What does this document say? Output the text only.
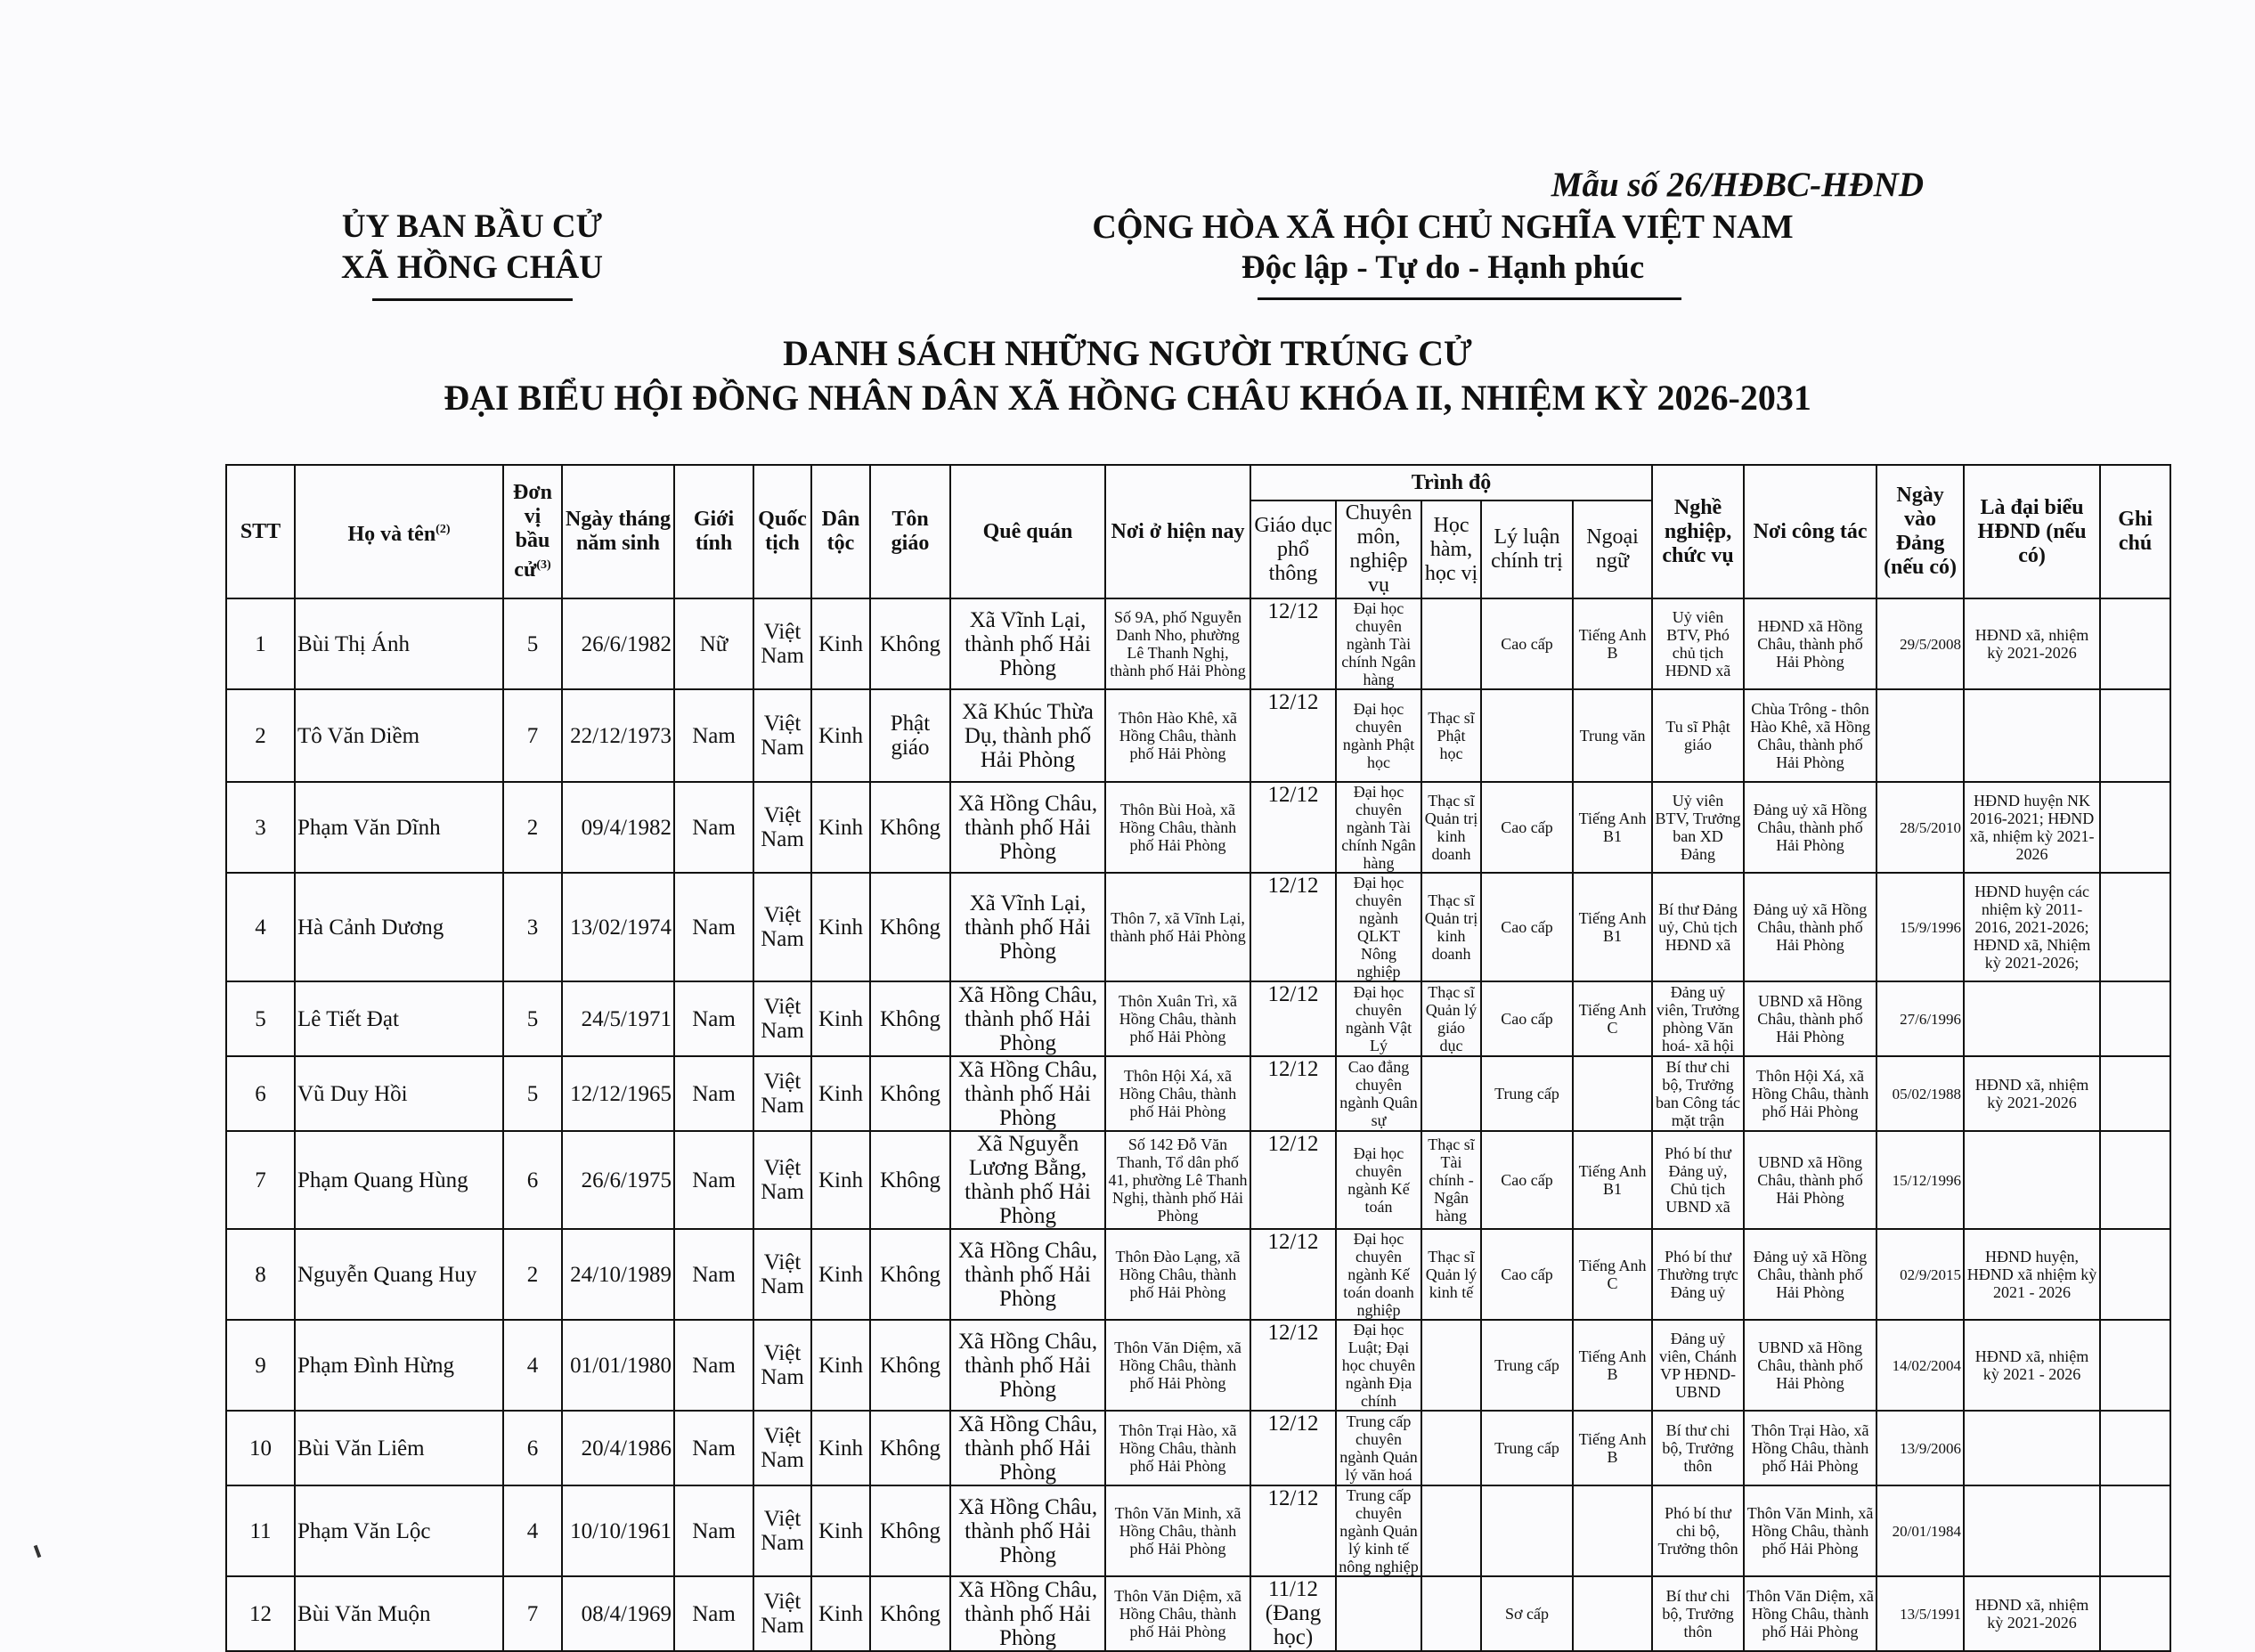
Mẫu số 26/HĐBC-HĐND
ỦY BAN BẦU CỬ
XÃ HỒNG CHÂU
CỘNG HÒA XÃ HỘI CHỦ NGHĨA VIỆT NAM
Độc lập - Tự do - Hạnh phúc
DANH SÁCH NHỮNG NGƯỜI TRÚNG CỬ
ĐẠI BIỂU HỘI ĐỒNG NHÂN DÂN XÃ HỒNG CHÂU KHÓA II, NHIỆM KỲ 2026-2031
STT	Họ và tên$^{(2)}$	Đơn vị bầu cử$^{(3)}$	Ngày tháng năm sinh	Giới tính	Quốc tịch	Dân tộc	Tôn giáo	Quê quán	Nơi ở hiện nay	Trình độ					Nghề nghiệp, chức vụ	Nơi công tác	Ngày vào Đảng (nếu có)	Là đại biểu HĐND (nếu có)	Ghi chú
										Giáo dục phổ thông	Chuyên môn, nghiệp vụ	Học hàm, học vị	Lý luận chính trị	Ngoại ngữ					
1	Bùi Thị Ánh	5	26/6/1982	Nữ	Việt Nam	Kinh	Không	Xã Vĩnh Lại, thành phố Hải Phòng	Số 9A, phố Nguyễn Danh Nho, phường Lê Thanh Nghị, thành phố Hải Phòng	12/12	Đại học chuyên ngành Tài chính Ngân hàng		Cao cấp	Tiếng Anh B	Uỷ viên BTV, Phó chủ tịch HĐND xã	HĐND xã Hồng Châu, thành phố Hải Phòng	29/5/2008	HĐND xã, nhiệm kỳ 2021-2026	
2	Tô Văn Diềm	7	22/12/1973	Nam	Việt Nam	Kinh	Phật giáo	Xã Khúc Thừa Dụ, thành phố Hải Phòng	Thôn Hào Khê, xã Hồng Châu, thành phố Hải Phòng	12/12	Đại học chuyên ngành Phật học	Thạc sĩ Phật học		Trung văn	Tu sĩ Phật giáo	Chùa Trông - thôn Hào Khê, xã Hồng Châu, thành phố Hải Phòng			
3	Phạm Văn Dĩnh	2	09/4/1982	Nam	Việt Nam	Kinh	Không	Xã Hồng Châu, thành phố Hải Phòng	Thôn Bùi Hoà, xã Hồng Châu, thành phố Hải Phòng	12/12	Đại học chuyên ngành Tài chính Ngân hàng	Thạc sĩ Quản trị kinh doanh	Cao cấp	Tiếng Anh B1	Uỷ viên BTV, Trưởng ban XD Đảng	Đảng uỷ xã Hồng Châu, thành phố Hải Phòng	28/5/2010	HĐND huyện NK 2016-2021; HĐND xã, nhiệm kỳ 2021-2026	
4	Hà Cảnh Dương	3	13/02/1974	Nam	Việt Nam	Kinh	Không	Xã Vĩnh Lại, thành phố Hải Phòng	Thôn 7, xã Vĩnh Lại, thành phố Hải Phòng	12/12	Đại học chuyên ngành QLKT Nông nghiệp	Thạc sĩ Quản trị kinh doanh	Cao cấp	Tiếng Anh B1	Bí thư Đảng uỷ, Chủ tịch HĐND xã	Đảng uỷ xã Hồng Châu, thành phố Hải Phòng	15/9/1996	HĐND huyện các nhiệm kỳ 2011-2016, 2021-2026; HĐND xã, Nhiệm kỳ 2021-2026;	
5	Lê Tiết Đạt	5	24/5/1971	Nam	Việt Nam	Kinh	Không	Xã Hồng Châu, thành phố Hải Phòng	Thôn Xuân Trì, xã Hồng Châu, thành phố Hải Phòng	12/12	Đại học chuyên ngành Vật Lý	Thạc sĩ Quản lý giáo dục	Cao cấp	Tiếng Anh C	Đảng uỷ viên, Trưởng phòng Văn hoá- xã hội	UBND xã Hồng Châu, thành phố Hải Phòng	27/6/1996		
6	Vũ Duy Hồi	5	12/12/1965	Nam	Việt Nam	Kinh	Không	Xã Hồng Châu, thành phố Hải Phòng	Thôn Hội Xá, xã Hồng Châu, thành phố Hải Phòng	12/12	Cao đẳng chuyên ngành Quân sự		Trung cấp		Bí thư chi bộ, Trưởng ban Công tác mặt trận	Thôn Hội Xá, xã Hồng Châu, thành phố Hải Phòng	05/02/1988	HĐND xã, nhiệm kỳ 2021-2026	
7	Phạm Quang Hùng	6	26/6/1975	Nam	Việt Nam	Kinh	Không	Xã Nguyễn Lương Bằng, thành phố Hải Phòng	Số 142 Đỗ Văn Thanh, Tổ dân phố 41, phường Lê Thanh Nghị, thành phố Hải Phòng	12/12	Đại học chuyên ngành Kế toán	Thạc sĩ Tài chính - Ngân hàng	Cao cấp	Tiếng Anh B1	Phó bí thư Đảng uỷ, Chủ tịch UBND xã	UBND xã Hồng Châu, thành phố Hải Phòng	15/12/1996		
8	Nguyễn Quang Huy	2	24/10/1989	Nam	Việt Nam	Kinh	Không	Xã Hồng Châu, thành phố Hải Phòng	Thôn Đào Lạng, xã Hồng Châu, thành phố Hải Phòng	12/12	Đại học chuyên ngành Kế toán doanh nghiệp	Thạc sĩ Quản lý kinh tế	Cao cấp	Tiếng Anh C	Phó bí thư Thường trực Đảng uỷ	Đảng uỷ xã Hồng Châu, thành phố Hải Phòng	02/9/2015	HĐND huyện, HĐND xã nhiệm kỳ 2021 - 2026	
9	Phạm Đình Hừng	4	01/01/1980	Nam	Việt Nam	Kinh	Không	Xã Hồng Châu, thành phố Hải Phòng	Thôn Văn Diệm, xã Hồng Châu, thành phố Hải Phòng	12/12	Đại học Luật; Đại học chuyên ngành Địa chính		Trung cấp	Tiếng Anh B	Đảng uỷ viên, Chánh VP HĐND-UBND	UBND xã Hồng Châu, thành phố Hải Phòng	14/02/2004	HĐND xã, nhiệm kỳ 2021 - 2026	
10	Bùi Văn Liêm	6	20/4/1986	Nam	Việt Nam	Kinh	Không	Xã Hồng Châu, thành phố Hải Phòng	Thôn Trại Hào, xã Hồng Châu, thành phố Hải Phòng	12/12	Trung cấp chuyên ngành Quản lý văn hoá		Trung cấp	Tiếng Anh B	Bí thư chi bộ, Trưởng thôn	Thôn Trại Hào, xã Hồng Châu, thành phố Hải Phòng	13/9/2006		
11	Phạm Văn Lộc	4	10/10/1961	Nam	Việt Nam	Kinh	Không	Xã Hồng Châu, thành phố Hải Phòng	Thôn Văn Minh, xã Hồng Châu, thành phố Hải Phòng	12/12	Trung cấp chuyên ngành Quản lý kinh tế nông nghiệp				Phó bí thư chi bộ, Trưởng thôn	Thôn Văn Minh, xã Hồng Châu, thành phố Hải Phòng	20/01/1984		
12	Bùi Văn Muộn	7	08/4/1969	Nam	Việt Nam	Kinh	Không	Xã Hồng Châu, thành phố Hải Phòng	Thôn Văn Diệm, xã Hồng Châu, thành phố Hải Phòng	11/12 (Đang học)			Sơ cấp		Bí thư chi bộ, Trưởng thôn	Thôn Văn Diệm, xã Hồng Châu, thành phố Hải Phòng	13/5/1991	HĐND xã, nhiệm kỳ 2021-2026	
